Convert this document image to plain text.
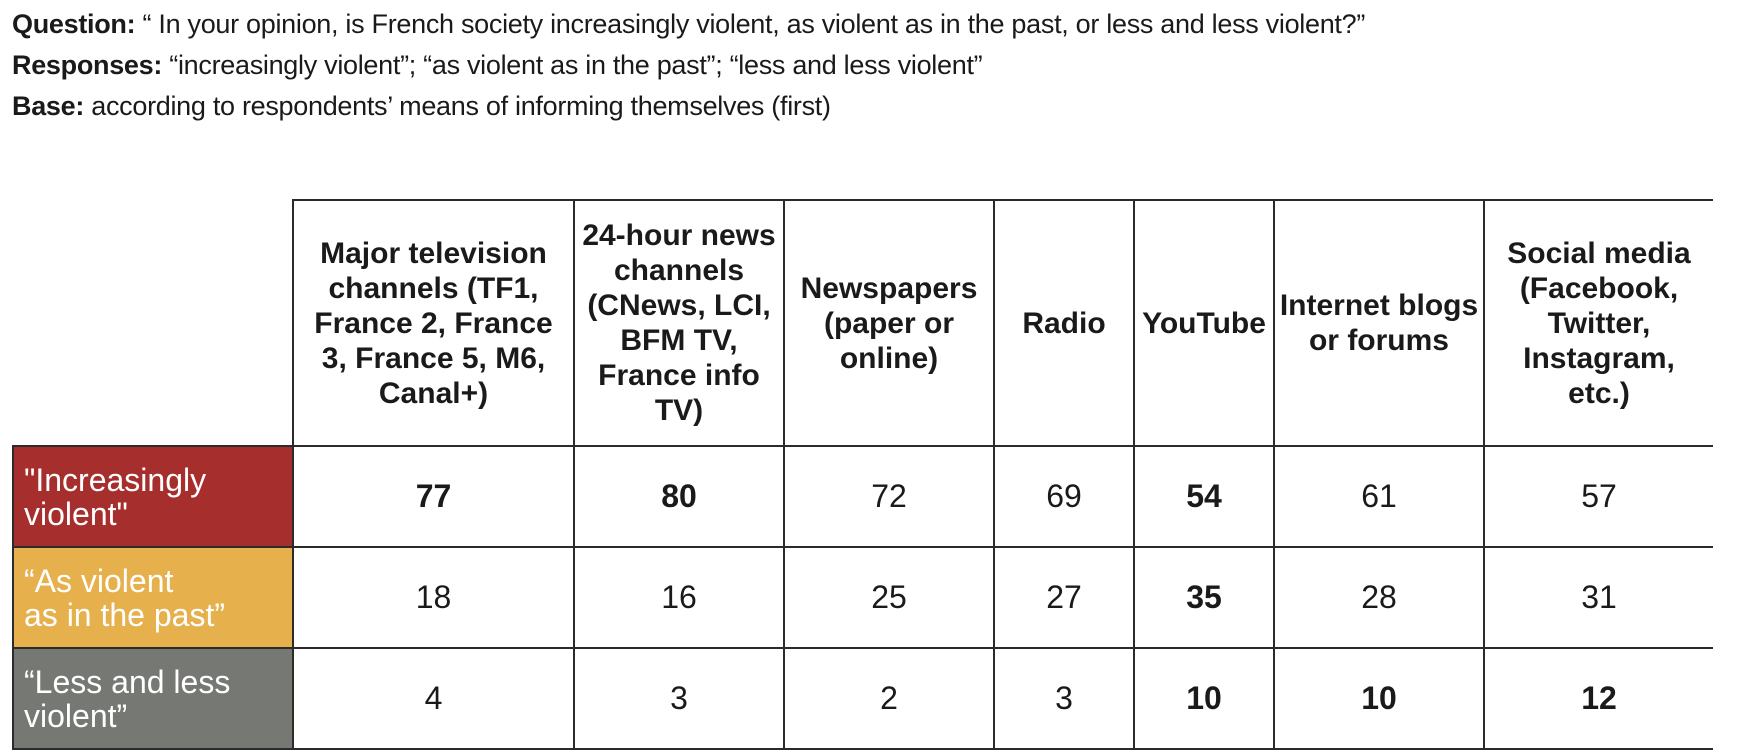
Question: “ In your opinion, is French society increasingly violent, as violent as in the past, or less and less violent?”
Responses: “increasingly violent”; “as violent as in the past”; “less and less violent”
Base: according to respondents’ means of informing themselves (first)
	Major television channels (TF1, France 2, France 3, France 5, M6, Canal+)	24-hour news channels (CNews, LCI, BFM TV, France info TV)	Newspapers (paper or online)	Radio	YouTube	Internet blogs or forums	Social media (Facebook, Twitter, Instagram, etc.)

"Increasingly
violent"	77	80	72	69	54	61	57

“As violent
as in the past”	18	16	25	27	35	28	31

“Less and less
violent”	4	3	2	3	10	10	12
